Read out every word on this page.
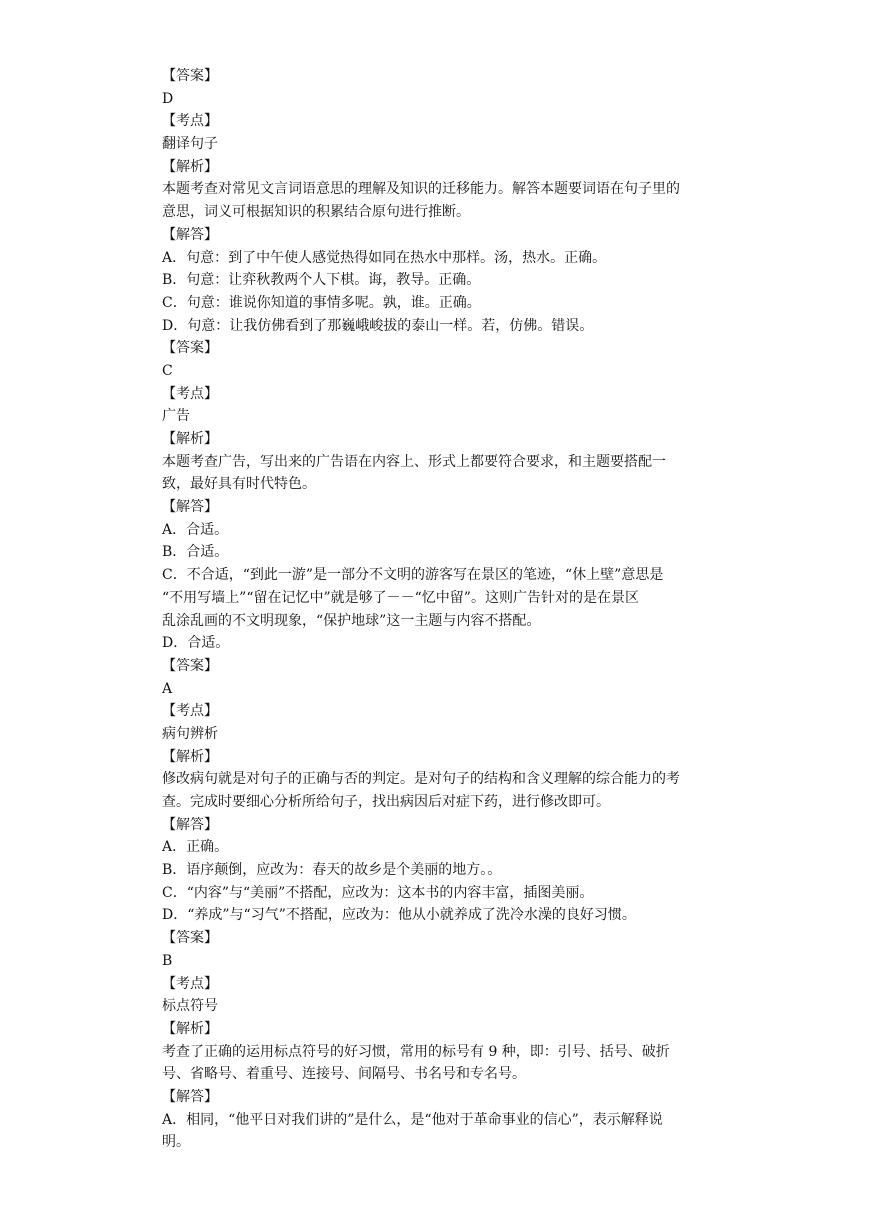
【答案】
D
【考点】
翻译句子
【解析】
本题考查对常见文言词语意思的理解及知识的迁移能力。解答本题要词语在句子里的
意思，词义可根据知识的积累结合原句进行推断。
【解答】
A．句意：到了中午使人感觉热得如同在热水中那样。汤，热水。正确。
B．句意：让弈秋教两个人下棋。诲，教导。正确。
C．句意：谁说你知道的事情多呢。孰，谁。正确。
D．句意：让我仿佛看到了那巍峨峻拔的泰山一样。若，仿佛。错误。
【答案】
C
【考点】
广告
【解析】
本题考查广告，写出来的广告语在内容上、形式上都要符合要求，和主题要搭配一
致，最好具有时代特色。
【解答】
A．合适。
B．合适。
C．不合适，“到此一游”是一部分不文明的游客写在景区的笔迹，“休上壁”意思是
“不用写墙上”“留在记忆中”就是够了－－“忆中留”。这则广告针对的是在景区
乱涂乱画的不文明现象，“保护地球”这一主题与内容不搭配。
D．合适。
【答案】
A
【考点】
病句辨析
【解析】
修改病句就是对句子的正确与否的判定。是对句子的结构和含义理解的综合能力的考
查。完成时要细心分析所给句子，找出病因后对症下药，进行修改即可。
【解答】
A．正确。
B．语序颠倒，应改为：春天的故乡是个美丽的地方。。
C．“内容”与“美丽”不搭配，应改为：这本书的内容丰富，插图美丽。
D．“养成”与“习气”不搭配，应改为：他从小就养成了洗冷水澡的良好习惯。
【答案】
B
【考点】
标点符号
【解析】
考查了正确的运用标点符号的好习惯，常用的标号有 9 种，即：引号、括号、破折
号、省略号、着重号、连接号、间隔号、书名号和专名号。
【解答】
A．相同，“他平日对我们讲的”是什么，是“他对于革命事业的信心”，表示解释说
明。
